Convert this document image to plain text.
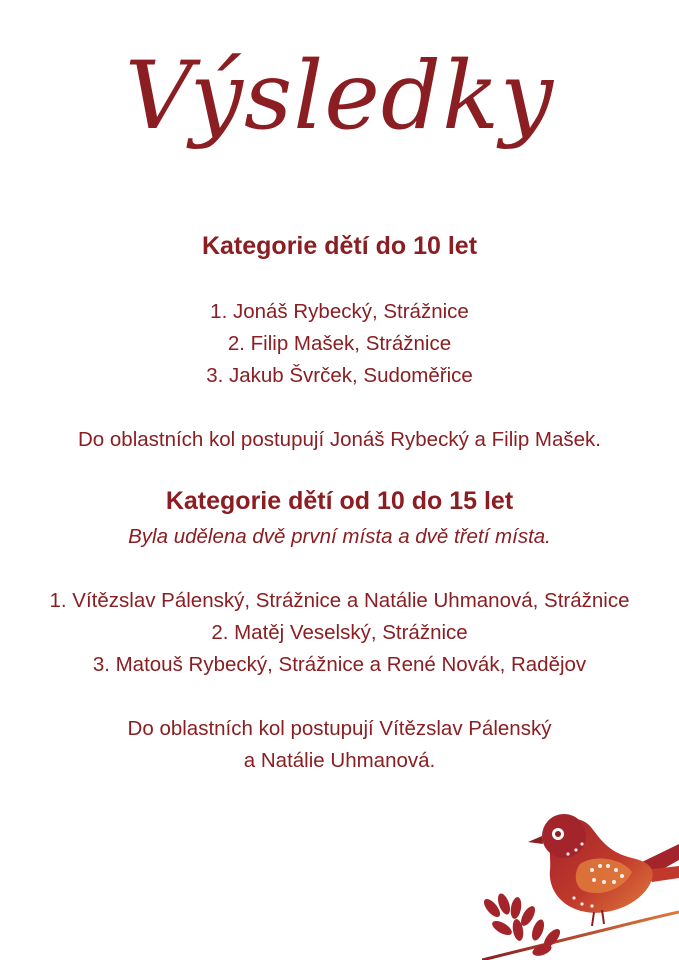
Výsledky
Kategorie dětí do 10 let
1. Jonáš Rybecký, Strážnice
2. Filip Mašek, Strážnice
3. Jakub Švrček, Sudoměřice
Do oblastních kol postupují Jonáš Rybecký a Filip Mašek.
Kategorie dětí od 10 do 15 let
Byla udělena dvě první místa a dvě třetí místa.
1. Vítězslav Pálenský, Strážnice a Natálie Uhmanová, Strážnice
2. Matěj Veselský, Strážnice
3. Matouš Rybecký, Strážnice a René Novák, Radějov
Do oblastních kol postupují Vítězslav Pálenský
a Natálie Uhmanová.
